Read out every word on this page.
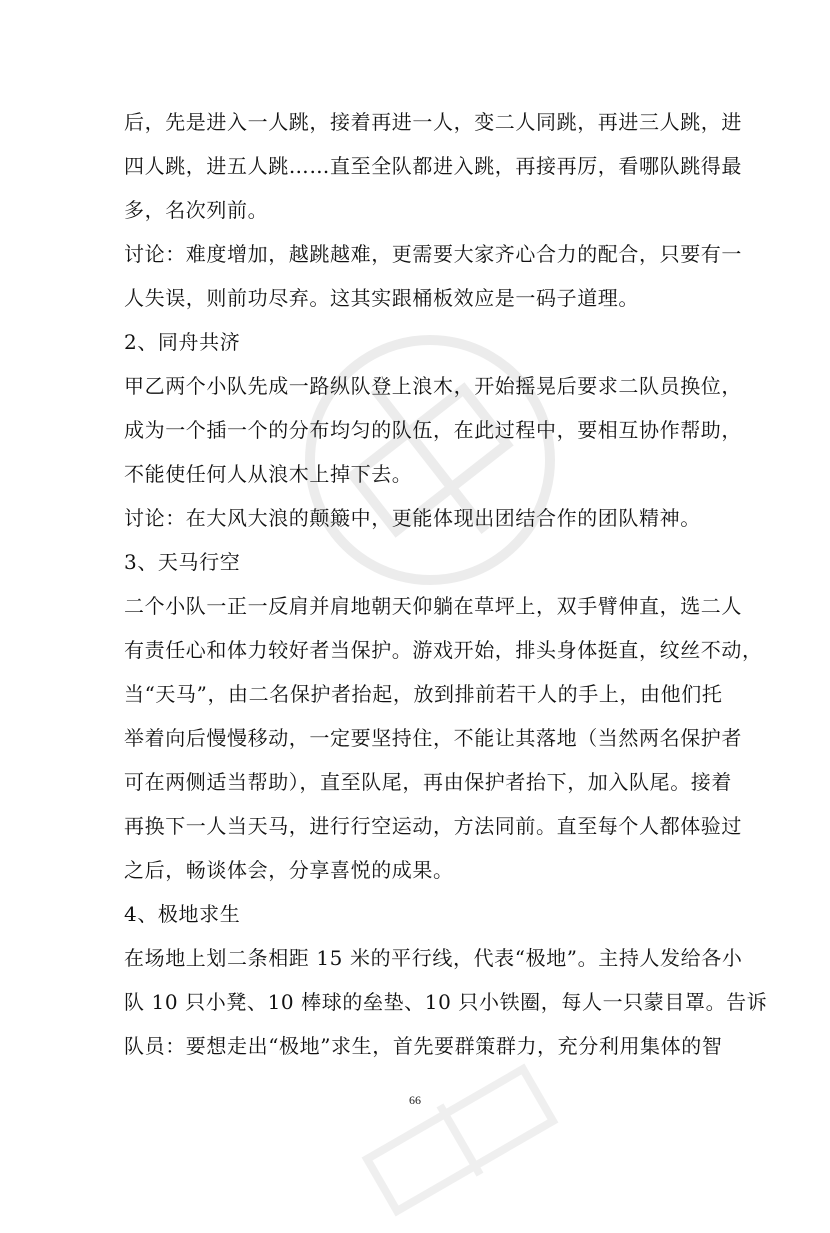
后，先是进入一人跳，接着再进一人，变二人同跳，再进三人跳，进
四人跳，进五人跳……直至全队都进入跳，再接再厉，看哪队跳得最
多，名次列前。
讨论：难度增加，越跳越难，更需要大家齐心合力的配合，只要有一
人失误，则前功尽弃。这其实跟桶板效应是一码子道理。
2、同舟共济
甲乙两个小队先成一路纵队登上浪木，开始摇晃后要求二队员换位，
成为一个插一个的分布均匀的队伍，在此过程中，要相互协作帮助，
不能使任何人从浪木上掉下去。
讨论：在大风大浪的颠簸中，更能体现出团结合作的团队精神。
3、天马行空
二个小队一正一反肩并肩地朝天仰躺在草坪上，双手臂伸直，选二人
有责任心和体力较好者当保护。游戏开始，排头身体挺直，纹丝不动，
当“天马”，由二名保护者抬起，放到排前若干人的手上，由他们托
举着向后慢慢移动，一定要坚持住，不能让其落地（当然两名保护者
可在两侧适当帮助），直至队尾，再由保护者抬下，加入队尾。接着
再换下一人当天马，进行行空运动，方法同前。直至每个人都体验过
之后，畅谈体会，分享喜悦的成果。
4、极地求生
在场地上划二条相距 15 米的平行线，代表“极地”。主持人发给各小
队 10 只小凳、10 棒球的垒垫、10 只小铁圈，每人一只蒙目罩。告诉
队员：要想走出“极地”求生，首先要群策群力，充分利用集体的智
66
